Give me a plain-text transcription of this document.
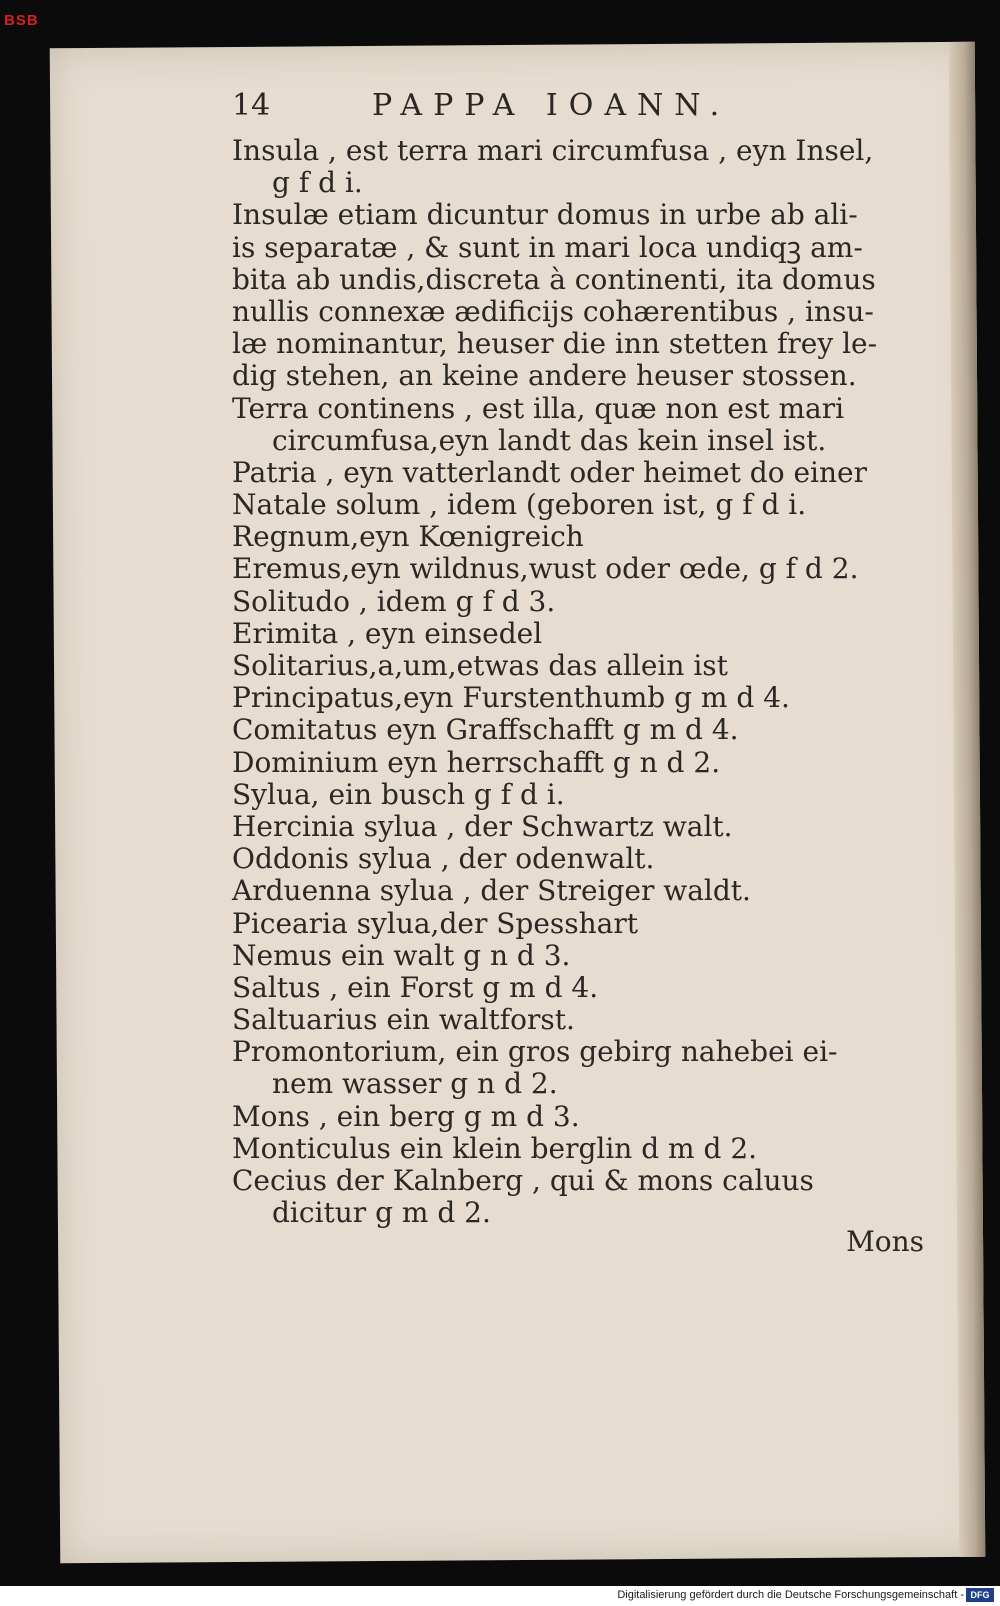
BSB
14	PAPPA IOANN.
Insula , est terra mari circumfusa , eyn Insel,
g f d i.
Insulæ etiam dicuntur domus in urbe ab ali-
is separatæ , & sunt in mari loca undiqꝫ am-
bita ab undis,discreta à continenti, ita domus
nullis connexæ ædificijs cohærentibus , insu-
læ nominantur, heuser die inn stetten frey le-
dig stehen, an keine andere heuser stossen.
Terra continens , est illa, quæ non est mari
circumfusa,eyn landt das kein insel ist.
Patria , eyn vatterlandt oder heimet do einer
Natale solum , idem (geboren ist, g f d i.
Regnum,eyn Kœnigreich
Eremus,eyn wildnus,wust oder œde, g f d 2.
Solitudo , idem g f d 3.
Erimita , eyn einsedel
Solitarius,a,um,etwas das allein ist
Principatus,eyn Furstenthumb g m d 4.
Comitatus eyn Graffschafft g m d 4.
Dominium eyn herrschafft g n d 2.
Sylua, ein busch g f d i.
Hercinia sylua , der Schwartz walt.
Oddonis sylua , der odenwalt.
Arduenna sylua , der Streiger waldt.
Picearia sylua,der Spesshart
Nemus ein walt g n d 3.
Saltus , ein Forst g m d 4.
Saltuarius ein waltforst.
Promontorium, ein gros gebirg nahebei ei-
nem wasser g n d 2.
Mons , ein berg g m d 3.
Monticulus ein klein berglin d m d 2.
Cecius der Kalnberg , qui & mons caluus
dicitur g m d 2.
Mons
Digitalisierung gefördert durch die Deutsche Forschungsgemeinschaft - DFG
